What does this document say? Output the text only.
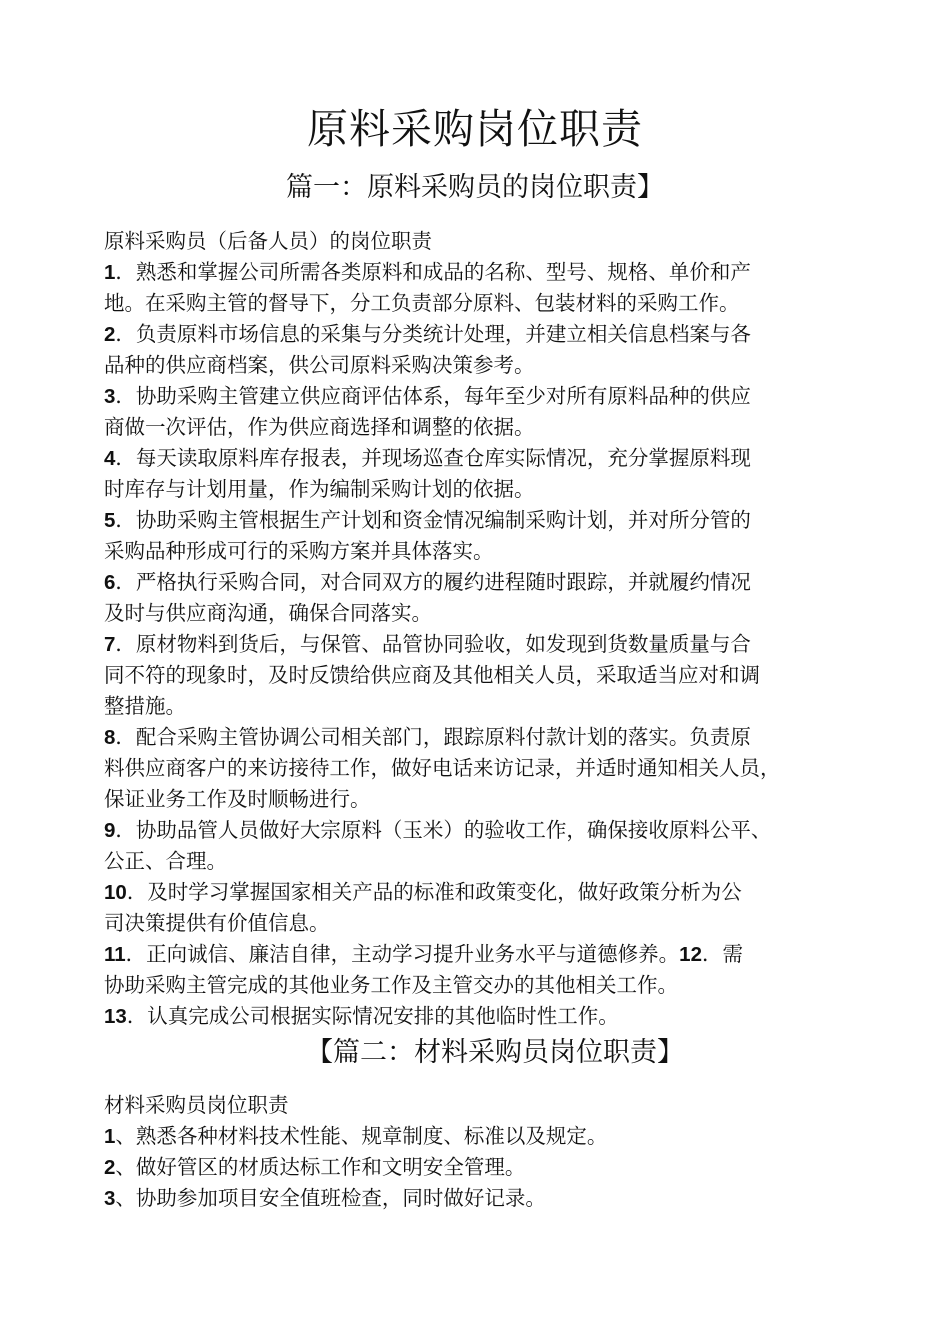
原料采购岗位职责
篇一：原料采购员的岗位职责】
原料采购员（后备人员）的岗位职责
1．熟悉和掌握公司所需各类原料和成品的名称、型号、规格、单价和产
地。在采购主管的督导下，分工负责部分原料、包装材料的采购工作。
2．负责原料市场信息的采集与分类统计处理，并建立相关信息档案与各
品种的供应商档案，供公司原料采购决策参考。
3．协助采购主管建立供应商评估体系，每年至少对所有原料品种的供应
商做一次评估，作为供应商选择和调整的依据。
4．每天读取原料库存报表，并现场巡查仓库实际情况，充分掌握原料现
时库存与计划用量，作为编制采购计划的依据。
5．协助采购主管根据生产计划和资金情况编制采购计划，并对所分管的
采购品种形成可行的采购方案并具体落实。
6．严格执行采购合同，对合同双方的履约进程随时跟踪，并就履约情况
及时与供应商沟通，确保合同落实。
7．原材物料到货后，与保管、品管协同验收，如发现到货数量质量与合
同不符的现象时，及时反馈给供应商及其他相关人员，采取适当应对和调
整措施。
8．配合采购主管协调公司相关部门，跟踪原料付款计划的落实。负责原
料供应商客户的来访接待工作，做好电话来访记录，并适时通知相关人员，
保证业务工作及时顺畅进行。
9．协助品管人员做好大宗原料（玉米）的验收工作，确保接收原料公平、
公正、合理。
10．及时学习掌握国家相关产品的标准和政策变化，做好政策分析为公
司决策提供有价值信息。
11．正向诚信、廉洁自律，主动学习提升业务水平与道德修养。12．需
协助采购主管完成的其他业务工作及主管交办的其他相关工作。
13．认真完成公司根据实际情况安排的其他临时性工作。
【篇二：材料采购员岗位职责】
材料采购员岗位职责
1、熟悉各种材料技术性能、规章制度、标准以及规定。
2、做好管区的材质达标工作和文明安全管理。
3、协助参加项目安全值班检查，同时做好记录。
